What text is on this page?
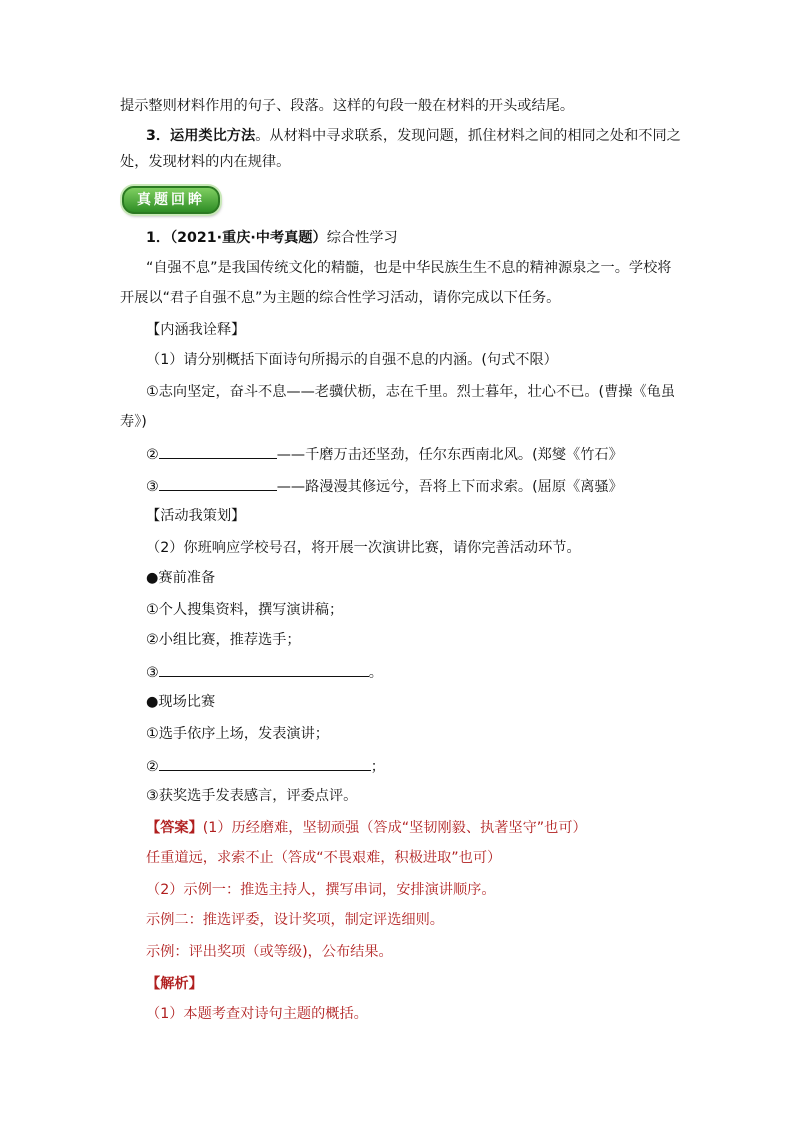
提示整则材料作用的句子、段落。这样的句段一般在材料的开头或结尾。
3．运用类比方法。从材料中寻求联系，发现问题，抓住材料之间的相同之处和不同之
处，发现材料的内在规律。
真题回眸
1．（2021·重庆·中考真题）综合性学习
“自强不息”是我国传统文化的精髓，也是中华民族生生不息的精神源泉之一。学校将
开展以“君子自强不息”为主题的综合性学习活动，请你完成以下任务。
【内涵我诠释】
（1）请分别概括下面诗句所揭示的自强不息的内涵。(句式不限）
①志向坚定，奋斗不息——老骥伏枥，志在千里。烈士暮年，壮心不已。(曹操《龟虽
寿》)
②	——千磨万击还坚劲，任尔东西南北风。(郑燮《竹石》
③	——路漫漫其修远兮，吾将上下而求索。(屈原《离骚》
【活动我策划】
（2）你班响应学校号召，将开展一次演讲比赛，请你完善活动环节。
●赛前准备
①个人搜集资料，撰写演讲稿；
②小组比赛，推荐选手；
③	。
●现场比赛
①选手依序上场，发表演讲；
②	；
③获奖选手发表感言，评委点评。
【答案】(1）历经磨难，坚韧顽强（答成“坚韧刚毅、执著坚守”也可）
任重道远，求索不止（答成“不畏艰难，积极进取”也可）
（2）示例一：推选主持人，撰写串词，安排演讲顺序。
示例二：推选评委，设计奖项，制定评选细则。
示例：评出奖项（或等级)，公布结果。
【解析】
（1）本题考查对诗句主题的概括。
